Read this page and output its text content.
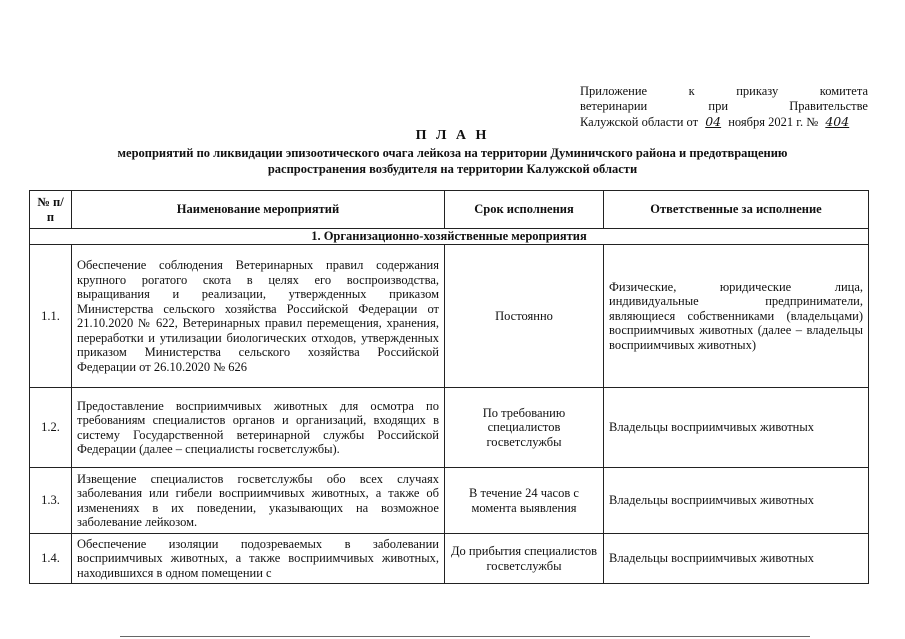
Приложение	к	приказу	комитета
ветеринарии	при	Правительстве
Калужской области от 04 ноября 2021 г. № 404
П Л А Н
мероприятий по ликвидации эпизоотического очага лейкоза на территории Думиничского района и предотвращению
распространения возбудителя на территории Калужской области
№ п/п	Наименование мероприятий	Срок исполнения	Ответственные за исполнение
1. Организационно-хозяйственные мероприятия			
1.1.	Обеспечение соблюдения Ветеринарных правил содержания крупного рогатого скота в целях его воспроизводства, выращивания и реализации, утвержденных приказом Министерства сельского хозяйства Российской Федерации от 21.10.2020 № 622, Ветеринарных правил перемещения, хранения, переработки и утилизации биологических отходов, утвержденных приказом Министерства сельского хозяйства Российской Федерации от 26.10.2020 № 626	Постоянно	Физические, юридические лица, индивидуальные предприниматели, являющиеся собственниками (владельцами) восприимчивых животных (далее – владельцы восприимчивых животных)
1.2.	Предоставление восприимчивых животных для осмотра по требованиям специалистов органов и организаций, входящих в систему Государственной ветеринарной службы Российской Федерации (далее – специалисты госветслужбы).	По требованию специалистов госветслужбы	Владельцы восприимчивых животных
1.3.	Извещение специалистов госветслужбы обо всех случаях заболевания или гибели восприимчивых животных, а также об изменениях в их поведении, указывающих на возможное заболевание лейкозом.	В течение 24 часов с момента выявления	Владельцы восприимчивых животных
1.4.	Обеспечение изоляции подозреваемых в заболевании восприимчивых животных, а также восприимчивых животных, находившихся в одном помещении с	До прибытия специалистов госветслужбы	Владельцы восприимчивых животных
